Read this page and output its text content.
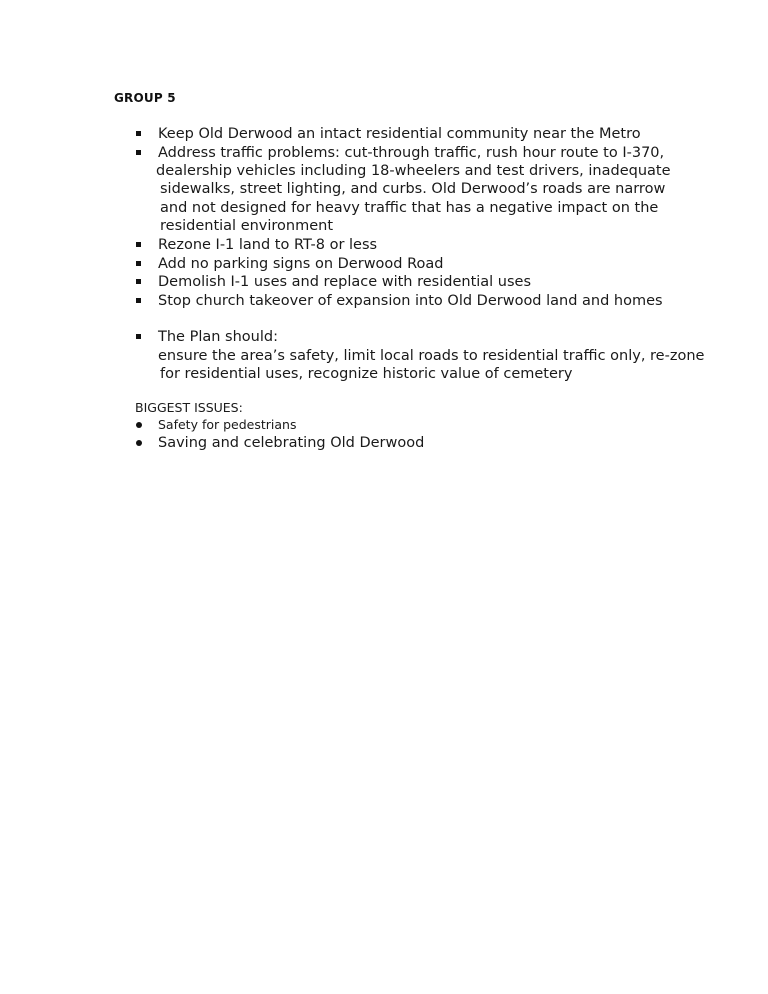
GROUP 5
Keep Old Derwood an intact residential community near the Metro
Address traffic problems: cut-through traffic, rush hour route to I-370,
dealership vehicles including 18-wheelers and test drivers, inadequate
sidewalks, street lighting, and curbs. Old Derwood’s roads are narrow
and not designed for heavy traffic that has a negative impact on the
residential environment
Rezone I-1 land to RT-8 or less
Add no parking signs on Derwood Road
Demolish I-1 uses and replace with residential uses
Stop church takeover of expansion into Old Derwood land and homes
The Plan should:
ensure the area’s safety, limit local roads to residential traffic only, re-zone
for residential uses, recognize historic value of cemetery
BIGGEST ISSUES:
Safety for pedestrians
Saving and celebrating Old Derwood
